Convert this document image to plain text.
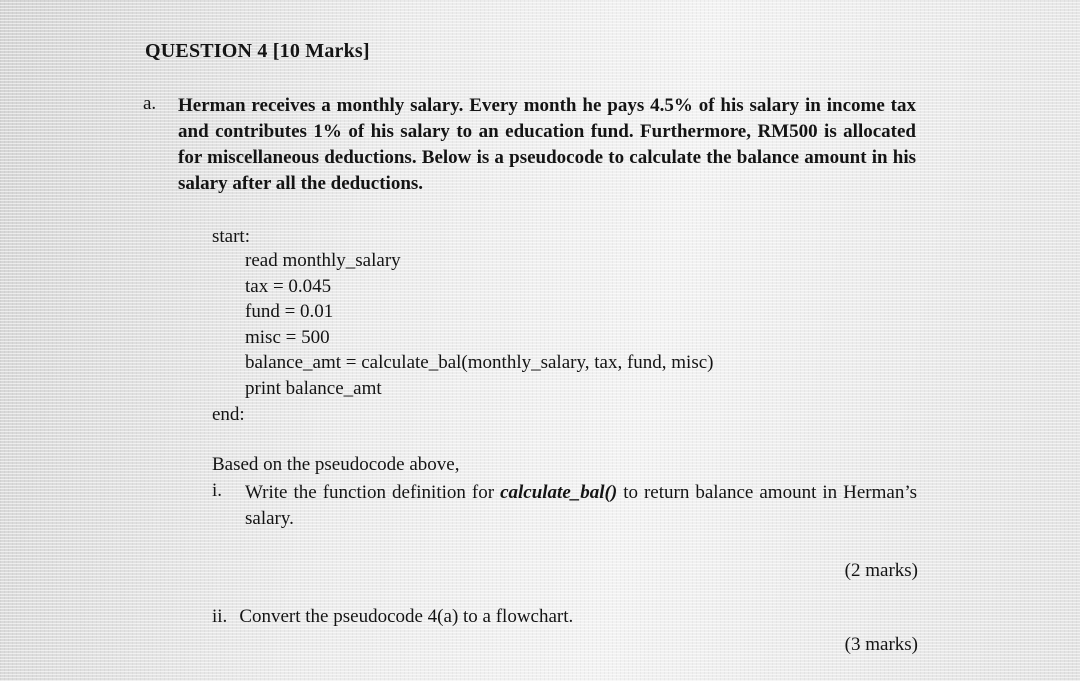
QUESTION 4 [10 Marks]
a. Herman receives a monthly salary. Every month he pays 4.5% of his salary in income tax and contributes 1% of his salary to an education fund. Furthermore, RM500 is allocated for miscellaneous deductions. Below is a pseudocode to calculate the balance amount in his salary after all the deductions.
start:
read monthly_salary
tax = 0.045
fund = 0.01
misc = 500
balance_amt = calculate_bal(monthly_salary, tax, fund, misc)
print balance_amt
end:
Based on the pseudocode above,
i. Write the function definition for calculate_bal() to return balance amount in Herman’s salary.
(2 marks)
ii. Convert the pseudocode 4(a) to a flowchart.
(3 marks)
